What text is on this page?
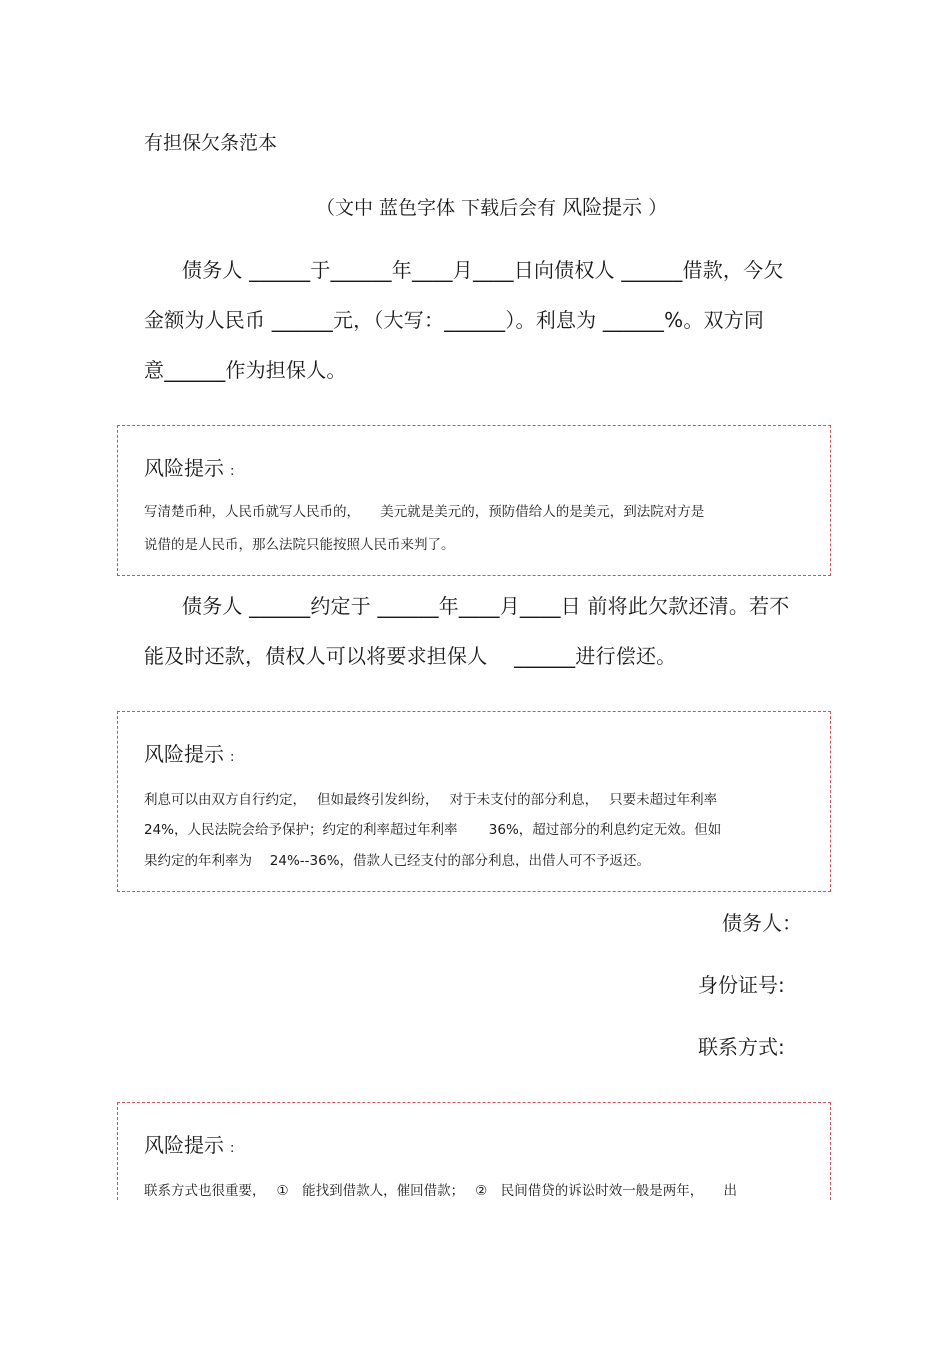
有担保欠条范本
（文中 蓝色字体 下载后会有 风险提示 ）
债务人 ______于______年____月____日向债权人 ______借款，今欠
金额为人民币 ______元，（大写：______）。利息为 ______%。双方同
意______作为担保人。
风险提示 :
写清楚币种，人民币就写人民币的，　　美元就是美元的，预防借给人的是美元，到法院对方是
说借的是人民币，那么法院只能按照人民币来判了。
债务人 ______约定于 ______年____月____日 前将此欠款还清。若不
能及时还款，债权人可以将要求担保人　 ______进行偿还。
风险提示 :
利息可以由双方自行约定，　 但如最终引发纠纷，　 对于未支付的部分利息，　 只要未超过年利率
24%，人民法院会给予保护；约定的利率超过年利率　　 36%，超过部分的利息约定无效。但如
果约定的年利率为　 24%--36%，借款人已经支付的部分利息，出借人可不予返还。
债务人：
身份证号:
联系方式:
风险提示 :
联系方式也很重要，　 ①　能找到借款人，催回借款；　 ②　民间借贷的诉讼时效一般是两年，　　出
